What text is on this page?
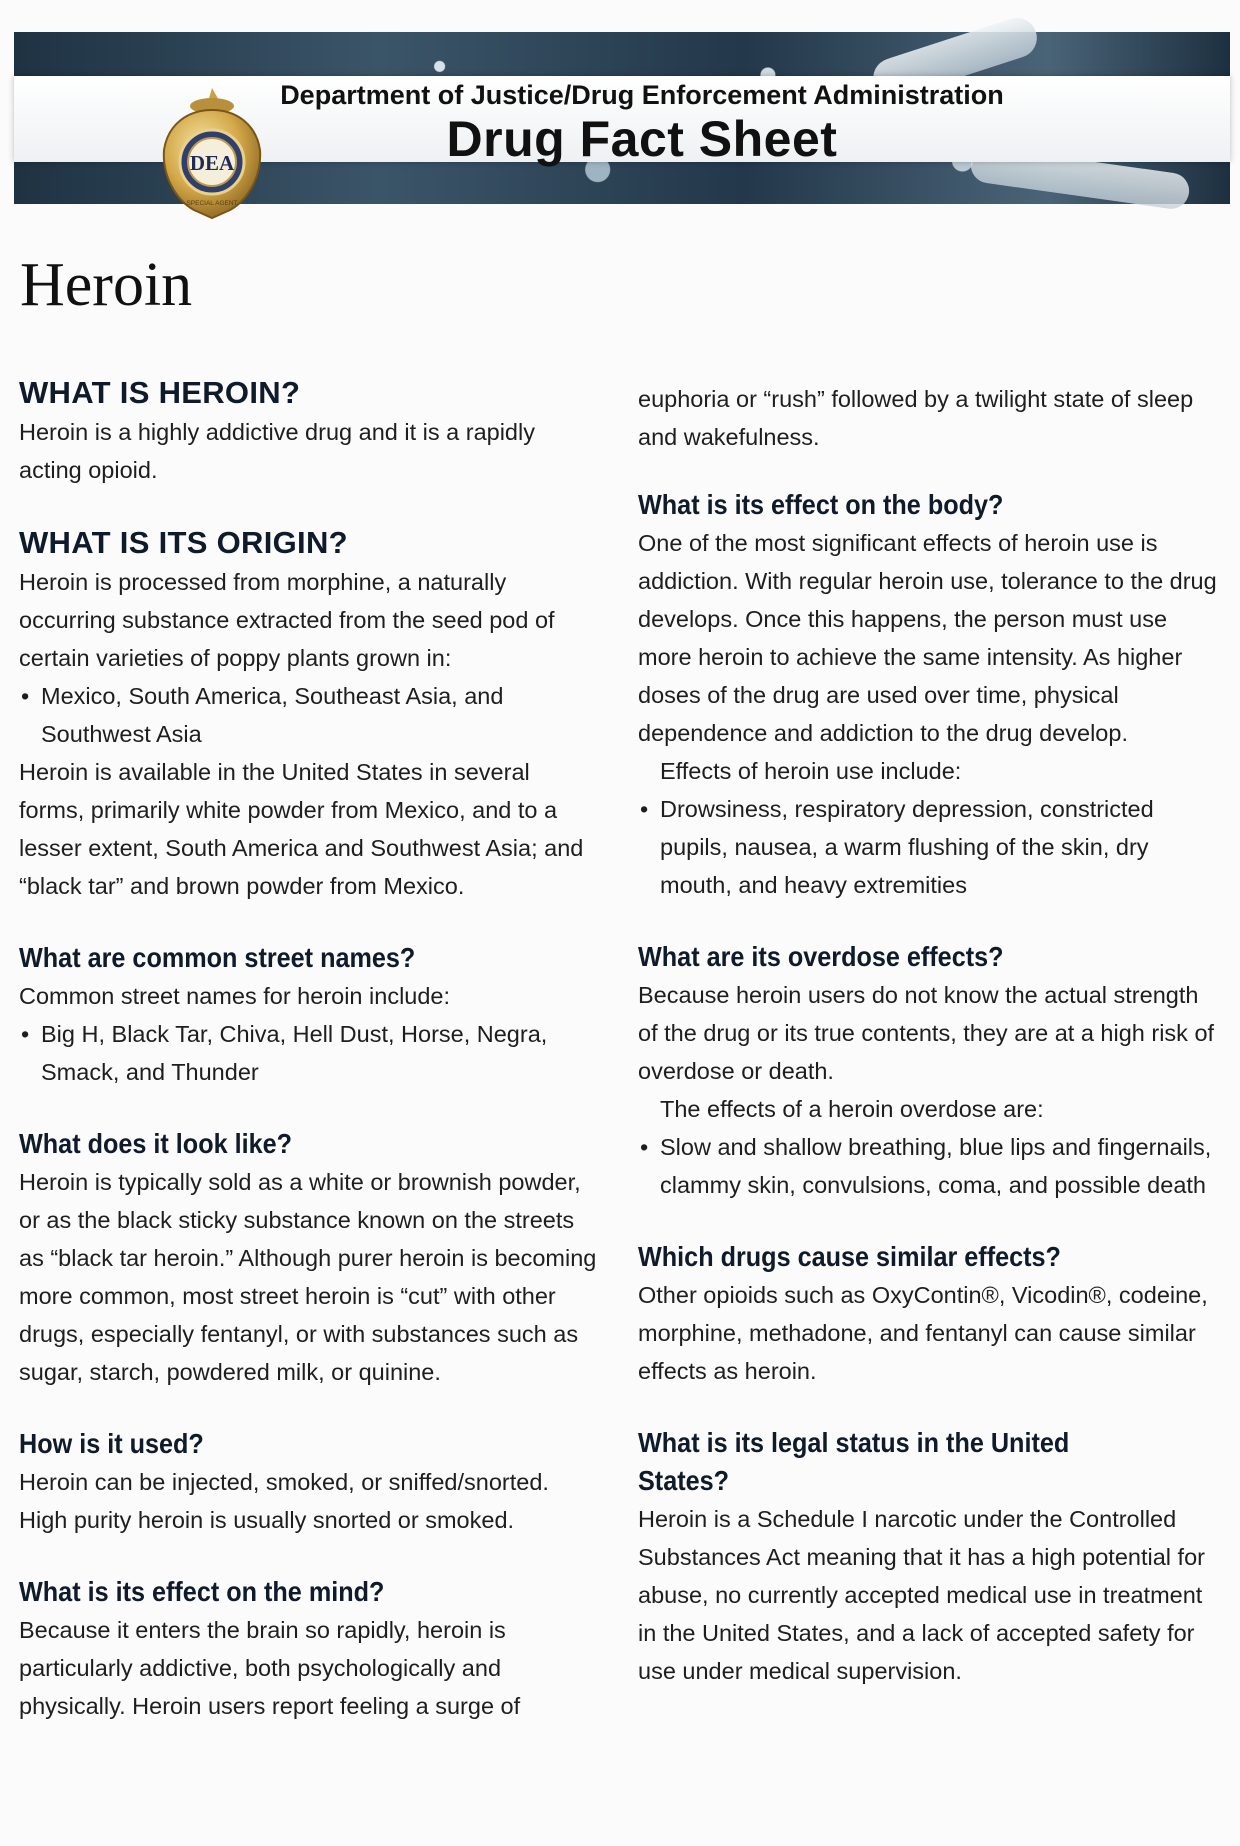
DEA
SPECIAL AGENT
Department of Justice/Drug Enforcement Administration
Drug Fact Sheet
Heroin
WHAT IS HEROIN?

Heroin is a highly addictive drug and it is a rapidly acting opioid.

WHAT IS ITS ORIGIN?

Heroin is processed from morphine, a naturally occurring substance extracted from the seed pod of certain varieties of poppy plants grown in:

• Mexico, South America, Southeast Asia, and Southwest Asia

Heroin is available in the United States in several forms, primarily white powder from Mexico, and to a lesser extent, South America and Southwest Asia; and “black tar” and brown powder from Mexico.

What are common street names?

Common street names for heroin include:

• Big H, Black Tar, Chiva, Hell Dust, Horse, Negra, Smack, and Thunder
What does it look like?

Heroin is typically sold as a white or brownish powder, or as the black sticky substance known on the streets as “black tar heroin.” Although purer heroin is becoming more common, most street heroin is “cut” with other drugs, especially fentanyl, or with substances such as sugar, starch, powdered milk, or quinine.

How is it used?

Heroin can be injected, smoked, or sniffed/snorted. High purity heroin is usually snorted or smoked.

What is its effect on the mind?

Because it enters the brain so rapidly, heroin is particularly addictive, both psychologically and physically. Heroin users report feeling a surge of

euphoria or “rush” followed by a twilight state of sleep and wakefulness.

What is its effect on the body?

One of the most significant effects of heroin use is addiction. With regular heroin use, tolerance to the drug develops. Once this happens, the person must use more heroin to achieve the same intensity. As higher doses of the drug are used over time, physical dependence and addiction to the drug develop.

Effects of heroin use include:

• Drowsiness, respiratory depression, constricted pupils, nausea, a warm flushing of the skin, dry mouth, and heavy extremities
What are its overdose effects?

Because heroin users do not know the actual strength of the drug or its true contents, they are at a high risk of overdose or death.

The effects of a heroin overdose are:

• Slow and shallow breathing, blue lips and fingernails, clammy skin, convulsions, coma, and possible death
Which drugs cause similar effects?

Other opioids such as OxyContin®, Vicodin®, codeine, morphine, methadone, and fentanyl can cause similar effects as heroin.

What is its legal status in the United States?

Heroin is a Schedule I narcotic under the Controlled Substances Act meaning that it has a high potential for abuse, no currently accepted medical use in treatment in the United States, and a lack of accepted safety for use under medical supervision.
